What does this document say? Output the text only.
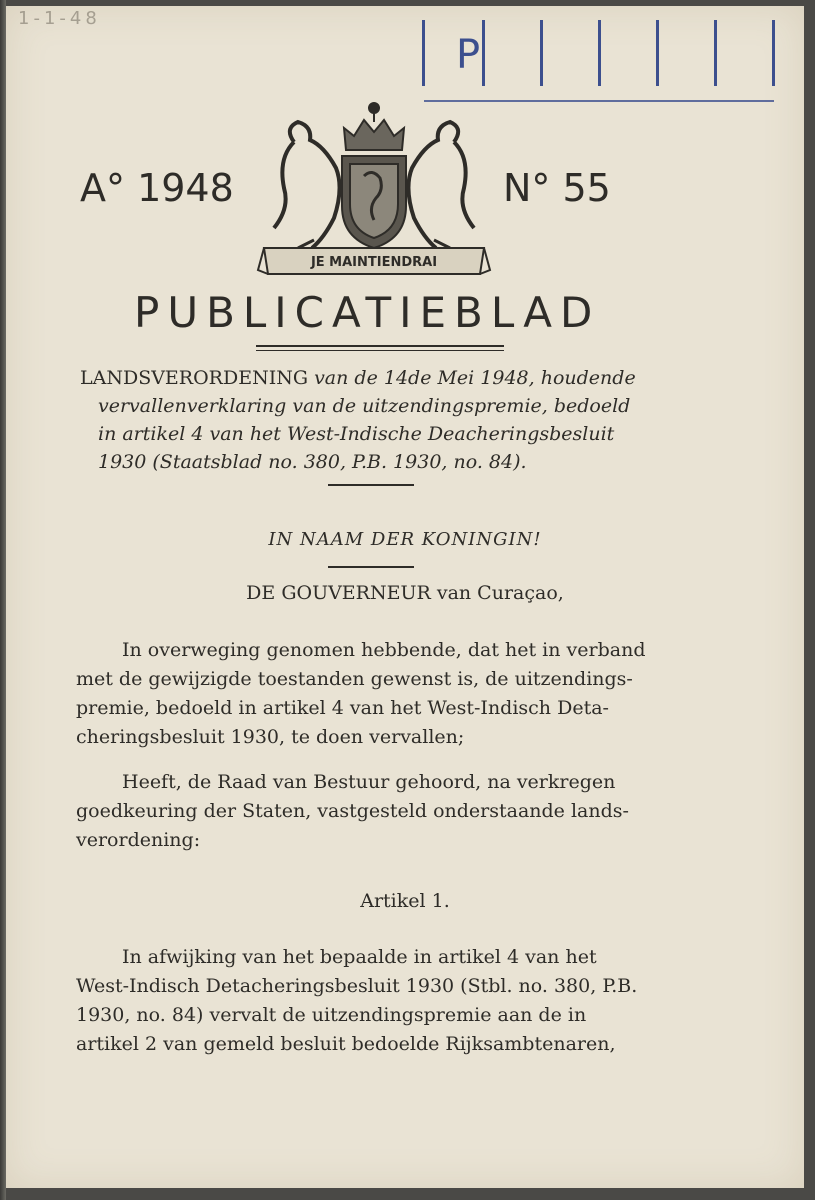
1-1-48
P
A° 1948
JE MAINTIENDRAI
N° 55
PUBLICATIEBLAD
LANDSVERORDENING van de 14de Mei 1948, houdende
vervallenverklaring van de uitzendingspremie, bedoeld
in artikel 4 van het West-Indische Deacheringsbesluit
1930 (Staatsblad no. 380, P.B. 1930, no. 84).
IN NAAM DER KONINGIN!
DE GOUVERNEUR van Curaçao,
In overweging genomen hebbende, dat het in verband
met de gewijzigde toestanden gewenst is, de uitzendings-
premie, bedoeld in artikel 4 van het West-Indisch Deta-
cheringsbesluit 1930, te doen vervallen;
Heeft, de Raad van Bestuur gehoord, na verkregen
goedkeuring der Staten, vastgesteld onderstaande lands-
verordening:
Artikel 1.
In afwijking van het bepaalde in artikel 4 van het
West-Indisch Detacheringsbesluit 1930 (Stbl. no. 380, P.B.
1930, no. 84) vervalt de uitzendingspremie aan de in
artikel 2 van gemeld besluit bedoelde Rijksambtenaren,
